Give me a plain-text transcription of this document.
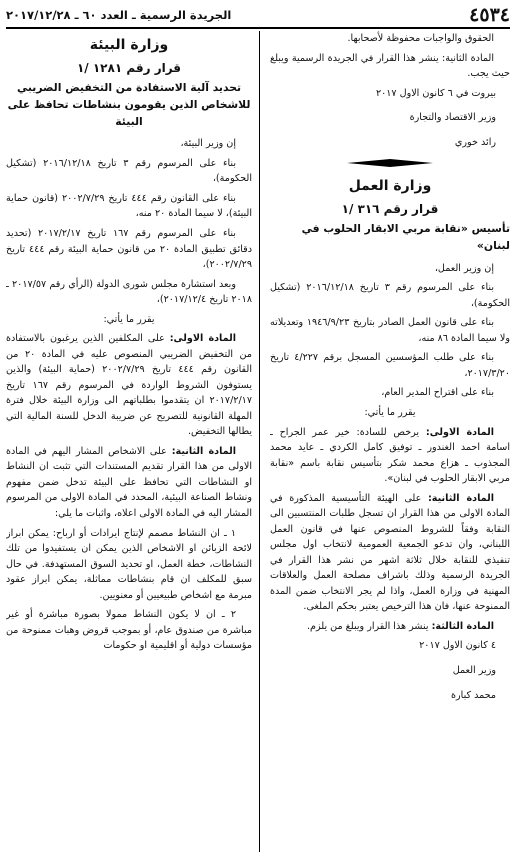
٤٥٣٤
الجريدة الرسمية ـ العدد ٦٠ ـ ٢٠١٧/١٢/٢٨

الحقوق والواجبات محفوظة لأصحابها.

المادة الثانية: ينشر هذا القرار في الجريدة الرسمية ويبلغ حيث يجب.

بيروت في ٦ كانون الاول ٢٠١٧

وزير الاقتصاد والتجارة

رائد خوري

وزارة العمل
قرار رقم ٣١٦ /١
تأسيس «نقابة مربي الابقار الحلوب في لبنان»

إن وزير العمل،

بناء على المرسوم رقم ٣ تاريخ ٢٠١٦/١٢/١٨ (تشكيل الحكومة)،

بناء على قانون العمل الصادر بتاريخ ١٩٤٦/٩/٢٣ وتعديلاته ولا سيما المادة ٨٦ منه،

بناء على طلب المؤسسين المسجل برقم ٤/٢٢٧ تاريخ ٢٠١٧/٣/٢٠،

بناء على اقتراح المدير العام،

يقرر ما يأتي:

المادة الاولى: يرخص للسادة: خير عمر الجراح ـ اسامة احمد الغندور ـ توفيق كامل الكردي ـ عايد محمد المجذوب ـ هزاع محمد شكر بتأسيس نقابة باسم «نقابة مربي الابقار الحلوب في لبنان».

المادة الثانية: على الهيئة التأسيسية المذكورة في المادة الاولى من هذا القرار ان تسجل طلبات المنتسبين الى النقابة وفقاً للشروط المنصوص عنها في قانون العمل اللبناني، وان تدعو الجمعية العمومية لانتخاب اول مجلس تنفيذي للنقابة خلال ثلاثة اشهر من نشر هذا القرار في الجريدة الرسمية وذلك باشراف مصلحة العمل والعلاقات المهنية في وزارة العمل، واذا لم يجر الانتخاب ضمن المدة الممنوحة عنها، فان هذا الترخيص يعتبر بحكم الملغى.

المادة الثالثة: ينشر هذا القرار ويبلغ من يلزم.

٤ كانون الاول ٢٠١٧

وزير العمل

محمد كبارة

وزارة البيئة
قرار رقم ١٢٨١ /١
تحديد آلية الاستفادة من التخفيض الضريبي للاشخاص الذين يقومون بنشاطات تحافظ على البيئة

إن وزير البيئة،

بناء على المرسوم رقم ٣ تاريخ ٢٠١٦/١٢/١٨ (تشكيل الحكومة)،

بناء على القانون رقم ٤٤٤ تاريخ ٢٠٠٢/٧/٢٩ (قانون حماية البيئة)، لا سيما المادة ٢٠ منه،

بناء على المرسوم رقم ١٦٧ تاريخ ٢٠١٧/٢/١٧ (تحديد دقائق تطبيق المادة ٢٠ من قانون حماية البيئة رقم ٤٤٤ تاريخ ٢٠٠٢/٧/٢٩)،

وبعد استشارة مجلس شورى الدولة (الرأي رقم ٢٠١٧/٥٧ ـ ٢٠١٨ تاريخ ٢٠١٧/١٢/٤)،

يقرر ما يأتي:

المادة الاولى: على المكلفين الذين يرغبون بالاستفادة من التخفيض الضريبي المنصوص عليه في المادة ٢٠ من القانون رقم ٤٤٤ تاريخ ٢٠٠٢/٧/٢٩ (حماية البيئة) والذين يستوفون الشروط الواردة في المرسوم رقم ١٦٧ تاريخ ٢٠١٧/٢/١٧ ان يتقدموا بطلباتهم الى وزارة البيئة خلال فترة المهلة القانونية للتصريح عن ضريبة الدخل للسنة المالية التي يطالها التخفيض.

المادة الثانية: على الاشخاص المشار اليهم في المادة الاولى من هذا القرار تقديم المستندات التي تثبت ان النشاط او النشاطات التي تحافظ على البيئة تدخل ضمن مفهوم ونشاط الصناعة البيئية، المحدد في المادة الاولى من المرسوم المشار اليه في المادة الاولى اعلاه، واثبات ما يلي:

١ ـ ان النشاط مصمم لإنتاج ايرادات أو ارباح: يمكن ابراز لائحة الزبائن او الاشخاص الذين يمكن ان يستفيدوا من تلك النشاطات، خطة العمل، او تحديد السوق المستهدفة. في حال سبق للمكلف ان قام بنشاطات مماثلة، يمكن ابراز عقود مبرمة مع اشخاص طبيعيين أو معنويين.

٢ ـ ان لا يكون النشاط ممولا بصورة مباشرة أو غير مباشرة من صندوق عام، أو بموجب قروض وهبات ممنوحة من مؤسسات دولية أو اقليمية او حكومات
